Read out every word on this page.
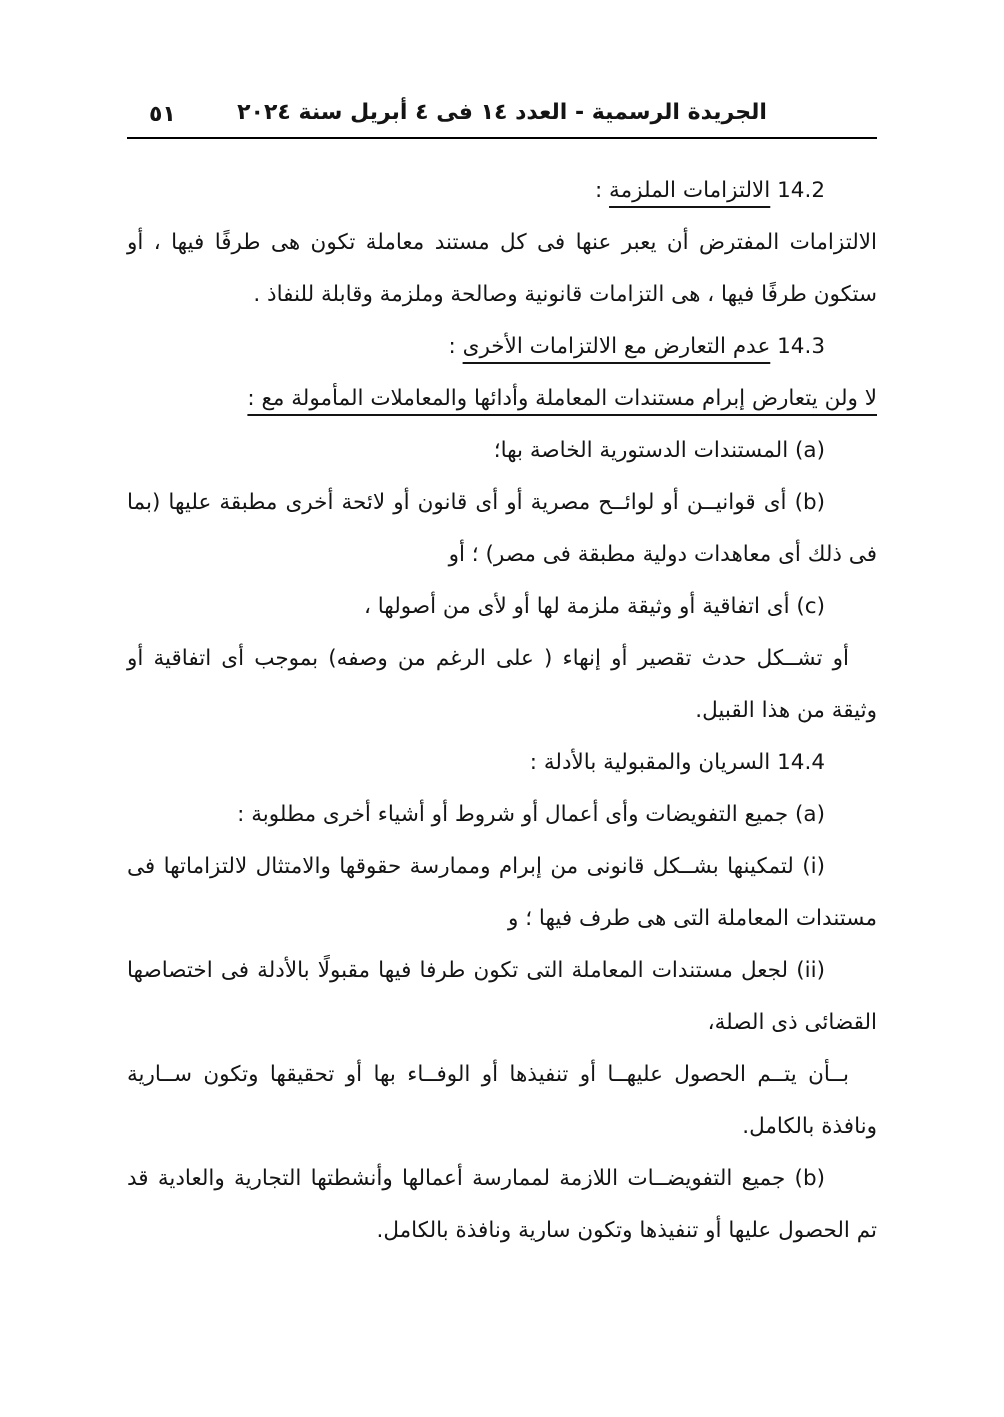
٥١	الجريدة الرسمية - العدد ١٤ فى ٤ أبريل سنة ٢٠٢٤
14.2 الالتزامات الملزمة :
الالتزامات المفترض أن يعبر عنها فى كل مستند معاملة تكون هى طرفًا فيها ، أو ستكون طرفًا فيها ، هى التزامات قانونية وصالحة وملزمة وقابلة للنفاذ .
14.3 عدم التعارض مع الالتزامات الأخرى :
لا ولن يتعارض إبرام مستندات المعاملة وأدائها والمعاملات المأمولة مع :
(a) المستندات الدستورية الخاصة بها؛
(b) أى قوانيــن أو لوائــح مصرية أو أى قانون أو لائحة أخرى مطبقة عليها (بما فى ذلك أى معاهدات دولية مطبقة فى مصر) ؛ أو
(c) أى اتفاقية أو وثيقة ملزمة لها أو لأى من أصولها ،
أو تشــكل حدث تقصير أو إنهاء ( على الرغم من وصفه) بموجب أى اتفاقية أو وثيقة من هذا القبيل.
14.4 السريان والمقبولية بالأدلة :
(a) جميع التفويضات وأى أعمال أو شروط أو أشياء أخرى مطلوبة :
(i) لتمكينها بشــكل قانونى من إبرام وممارسة حقوقها والامتثال لالتزاماتها فى مستندات المعاملة التى هى طرف فيها ؛ و
(ii) لجعل مستندات المعاملة التى تكون طرفا فيها مقبولًا بالأدلة فى اختصاصها القضائى ذى الصلة،
بــأن يتــم الحصول عليهــا أو تنفيذها أو الوفــاء بها أو تحقيقها وتكون ســارية ونافذة بالكامل.
(b) جميع التفويضــات اللازمة لممارسة أعمالها وأنشطتها التجارية والعادية قد تم الحصول عليها أو تنفيذها وتكون سارية ونافذة بالكامل.
